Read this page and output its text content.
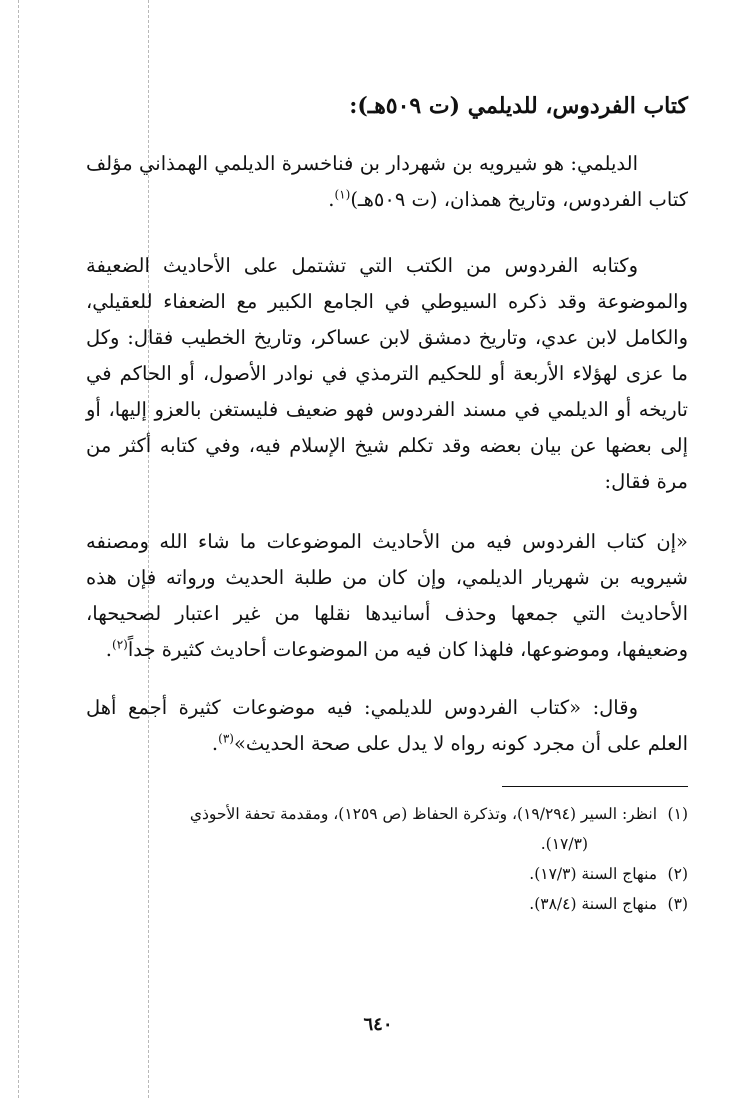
كتاب الفردوس، للديلمي (ت ٥٠٩هـ):

الديلمي: هو شيرويه بن شهردار بن فناخسرة الديلمي الهمذاني مؤلف كتاب الفردوس، وتاريخ همذان، (ت ٥٠٩هـ)$^{(١)}$.

وكتابه الفردوس من الكتب التي تشتمل على الأحاديث الضعيفة والموضوعة وقد ذكره السيوطي في الجامع الكبير مع الضعفاء للعقيلي، والكامل لابن عدي، وتاريخ دمشق لابن عساكر، وتاريخ الخطيب فقال: وكل ما عزى لهؤلاء الأربعة أو للحكيم الترمذي في نوادر الأصول، أو الحاكم في تاريخه أو الديلمي في مسند الفردوس فهو ضعيف فليستغن بالعزو إليها، أو إلى بعضها عن بيان بعضه وقد تكلم شيخ الإسلام فيه، وفي كتابه أكثر من مرة فقال:

«إن كتاب الفردوس فيه من الأحاديث الموضوعات ما شاء الله ومصنفه شيرويه بن شهريار الديلمي، وإن كان من طلبة الحديث ورواته فإن هذه الأحاديث التي جمعها وحذف أسانيدها نقلها من غير اعتبار لصحيحها، وضعيفها، وموضوعها، فلهذا كان فيه من الموضوعات أحاديث كثيرة جداً$^{(٢)}$.

وقال: «كتاب الفردوس للديلمي: فيه موضوعات كثيرة أجمع أهل العلم على أن مجرد كونه رواه لا يدل على صحة الحديث»$^{(٣)}$.

(١) انظر: السير (١٩/٢٩٤)، وتذكرة الحفاظ (ص ١٢٥٩)، ومقدمة تحفة الأحوذي

(١٧/٣).

(٢) منهاج السنة (١٧/٣).

(٣) منهاج السنة (٣٨/٤).

٦٤٠
